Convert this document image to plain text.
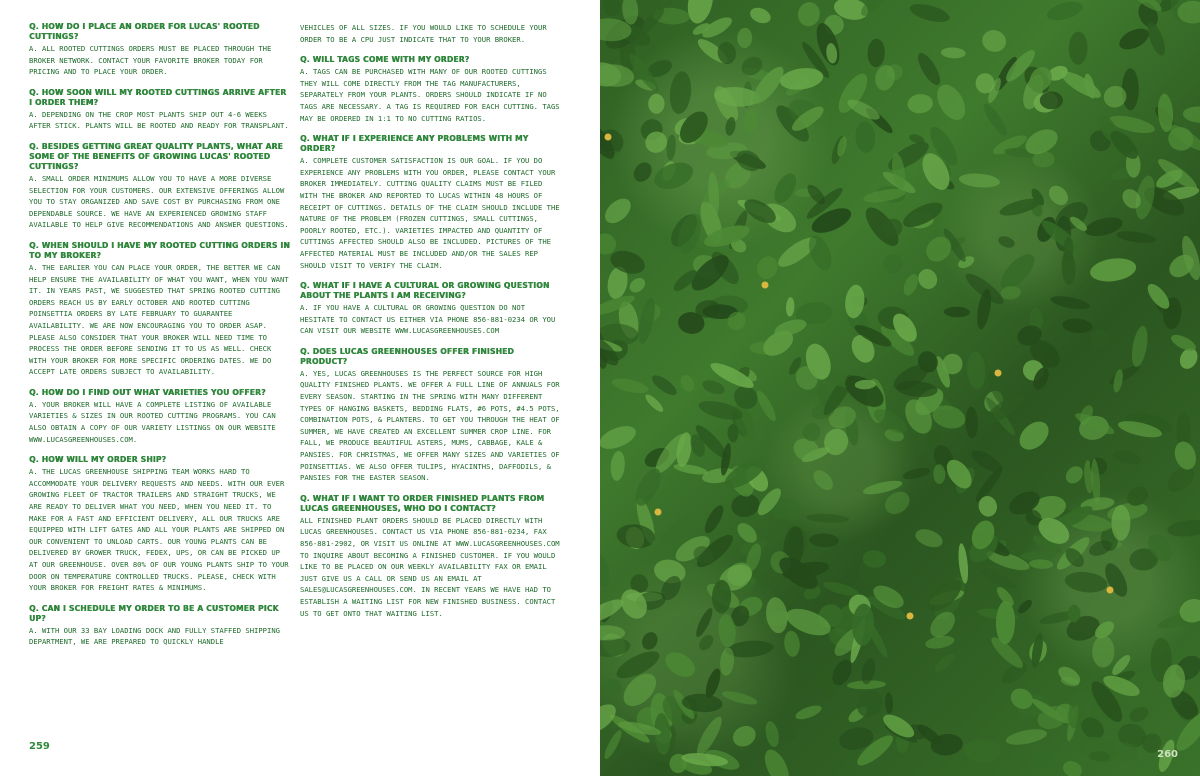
Q. HOW DO I PLACE AN ORDER FOR LUCAS' ROOTED CUTTINGS?

A. ALL ROOTED CUTTINGS ORDERS MUST BE PLACED THROUGH THE BROKER NETWORK. CONTACT YOUR FAVORITE BROKER TODAY FOR PRICING AND TO PLACE YOUR ORDER.

Q. HOW SOON WILL MY ROOTED CUTTINGS ARRIVE AFTER I ORDER THEM?

A. DEPENDING ON THE CROP MOST PLANTS SHIP OUT 4-6 WEEKS AFTER STICK. PLANTS WILL BE ROOTED AND READY FOR TRANSPLANT.

Q. BESIDES GETTING GREAT QUALITY PLANTS, WHAT ARE SOME OF THE BENEFITS OF GROWING LUCAS' ROOTED CUTTINGS?

A. SMALL ORDER MINIMUMS ALLOW YOU TO HAVE A MORE DIVERSE SELECTION FOR YOUR CUSTOMERS. OUR EXTENSIVE OFFERINGS ALLOW YOU TO STAY ORGANIZED AND SAVE COST BY PURCHASING FROM ONE DEPENDABLE SOURCE. WE HAVE AN EXPERIENCED GROWING STAFF AVAILABLE TO HELP GIVE RECOMMENDATIONS AND ANSWER QUESTIONS.

Q. WHEN SHOULD I HAVE MY ROOTED CUTTING ORDERS IN TO MY BROKER?

A. THE EARLIER YOU CAN PLACE YOUR ORDER, THE BETTER WE CAN HELP ENSURE THE AVAILABILITY OF WHAT YOU WANT, WHEN YOU WANT IT. IN YEARS PAST, WE SUGGESTED THAT SPRING ROOTED CUTTING ORDERS REACH US BY EARLY OCTOBER AND ROOTED CUTTING POINSETTIA ORDERS BY LATE FEBRUARY TO GUARANTEE AVAILABILITY. WE ARE NOW ENCOURAGING YOU TO ORDER ASAP. PLEASE ALSO CONSIDER THAT YOUR BROKER WILL NEED TIME TO PROCESS THE ORDER BEFORE SENDING IT TO US AS WELL. CHECK WITH YOUR BROKER FOR MORE SPECIFIC ORDERING DATES. WE DO ACCEPT LATE ORDERS SUBJECT TO AVAILABILITY.

Q. HOW DO I FIND OUT WHAT VARIETIES YOU OFFER?

A. YOUR BROKER WILL HAVE A COMPLETE LISTING OF AVAILABLE VARIETIES & SIZES IN OUR ROOTED CUTTING PROGRAMS. YOU CAN ALSO OBTAIN A COPY OF OUR VARIETY LISTINGS ON OUR WEBSITE WWW.LUCASGREENHOUSES.COM.

Q. HOW WILL MY ORDER SHIP?

A. THE LUCAS GREENHOUSE SHIPPING TEAM WORKS HARD TO ACCOMMODATE YOUR DELIVERY REQUESTS AND NEEDS. WITH OUR EVER GROWING FLEET OF TRACTOR TRAILERS AND STRAIGHT TRUCKS, WE ARE READY TO DELIVER WHAT YOU NEED, WHEN YOU NEED IT. TO MAKE FOR A FAST AND EFFICIENT DELIVERY, ALL OUR TRUCKS ARE EQUIPPED WITH LIFT GATES AND ALL YOUR PLANTS ARE SHIPPED ON OUR CONVENIENT TO UNLOAD CARTS. OUR YOUNG PLANTS CAN BE DELIVERED BY GROWER TRUCK, FEDEX, UPS, OR CAN BE PICKED UP AT OUR GREENHOUSE. OVER 80% OF OUR YOUNG PLANTS SHIP TO YOUR DOOR ON TEMPERATURE CONTROLLED TRUCKS. PLEASE, CHECK WITH YOUR BROKER FOR FREIGHT RATES & MINIMUMS.

Q. CAN I SCHEDULE MY ORDER TO BE A CUSTOMER PICK UP?

A. WITH OUR 33 BAY LOADING DOCK AND FULLY STAFFED SHIPPING DEPARTMENT, WE ARE PREPARED TO QUICKLY HANDLE

VEHICLES OF ALL SIZES. IF YOU WOULD LIKE TO SCHEDULE YOUR ORDER TO BE A CPU JUST INDICATE THAT TO YOUR BROKER.

Q. WILL TAGS COME WITH MY ORDER?

A. TAGS CAN BE PURCHASED WITH MANY OF OUR ROOTED CUTTINGS THEY WILL COME DIRECTLY FROM THE TAG MANUFACTURERS, SEPARATELY FROM YOUR PLANTS. ORDERS SHOULD INDICATE IF NO TAGS ARE NECESSARY. A TAG IS REQUIRED FOR EACH CUTTING. TAGS MAY BE ORDERED IN 1:1 TO NO CUTTING RATIOS.

Q. WHAT IF I EXPERIENCE ANY PROBLEMS WITH MY ORDER?

A. COMPLETE CUSTOMER SATISFACTION IS OUR GOAL. IF YOU DO EXPERIENCE ANY PROBLEMS WITH YOU ORDER, PLEASE CONTACT YOUR BROKER IMMEDIATELY. CUTTING QUALITY CLAIMS MUST BE FILED WITH THE BROKER AND REPORTED TO LUCAS WITHIN 48 HOURS OF RECEIPT OF CUTTINGS. DETAILS OF THE CLAIM SHOULD INCLUDE THE NATURE OF THE PROBLEM (FROZEN CUTTINGS, SMALL CUTTINGS, POORLY ROOTED, ETC.). VARIETIES IMPACTED AND QUANTITY OF CUTTINGS AFFECTED SHOULD ALSO BE INCLUDED. PICTURES OF THE AFFECTED MATERIAL MUST BE INCLUDED AND/OR THE SALES REP SHOULD VISIT TO VERIFY THE CLAIM.

Q. WHAT IF I HAVE A CULTURAL OR GROWING QUESTION ABOUT THE PLANTS I AM RECEIVING?

A. IF YOU HAVE A CULTURAL OR GROWING QUESTION DO NOT HESITATE TO CONTACT US EITHER VIA PHONE 856-881-0234 OR YOU CAN VISIT OUR WEBSITE WWW.LUCASGREENHOUSES.COM

Q. DOES LUCAS GREENHOUSES OFFER FINISHED PRODUCT?

A. YES, LUCAS GREENHOUSES IS THE PERFECT SOURCE FOR HIGH QUALITY FINISHED PLANTS. WE OFFER A FULL LINE OF ANNUALS FOR EVERY SEASON. STARTING IN THE SPRING WITH MANY DIFFERENT TYPES OF HANGING BASKETS, BEDDING FLATS, #6 POTS, #4.5 POTS, COMBINATION POTS, & PLANTERS. TO GET YOU THROUGH THE HEAT OF SUMMER, WE HAVE CREATED AN EXCELLENT SUMMER CROP LINE. FOR FALL, WE PRODUCE BEAUTIFUL ASTERS, MUMS, CABBAGE, KALE & PANSIES. FOR CHRISTMAS, WE OFFER MANY SIZES AND VARIETIES OF POINSETTIAS. WE ALSO OFFER TULIPS, HYACINTHS, DAFFODILS, & PANSIES FOR THE EASTER SEASON.

Q. WHAT IF I WANT TO ORDER FINISHED PLANTS FROM LUCAS GREENHOUSES, WHO DO I CONTACT?

ALL FINISHED PLANT ORDERS SHOULD BE PLACED DIRECTLY WITH LUCAS GREENHOUSES. CONTACT US VIA PHONE 856-881-0234, FAX 856-881-2902, OR VISIT US ONLINE AT WWW.LUCASGREENHOUSES.COM TO INQUIRE ABOUT BECOMING A FINISHED CUSTOMER. IF YOU WOULD LIKE TO BE PLACED ON OUR WEEKLY AVAILABILITY FAX OR EMAIL JUST GIVE US A CALL OR SEND US AN EMAIL AT SALES@LUCASGREENHOUSES.COM. IN RECENT YEARS WE HAVE HAD TO ESTABLISH A WAITING LIST FOR NEW FINISHED BUSINESS. CONTACT US TO GET ONTO THAT WAITING LIST.

259
260
